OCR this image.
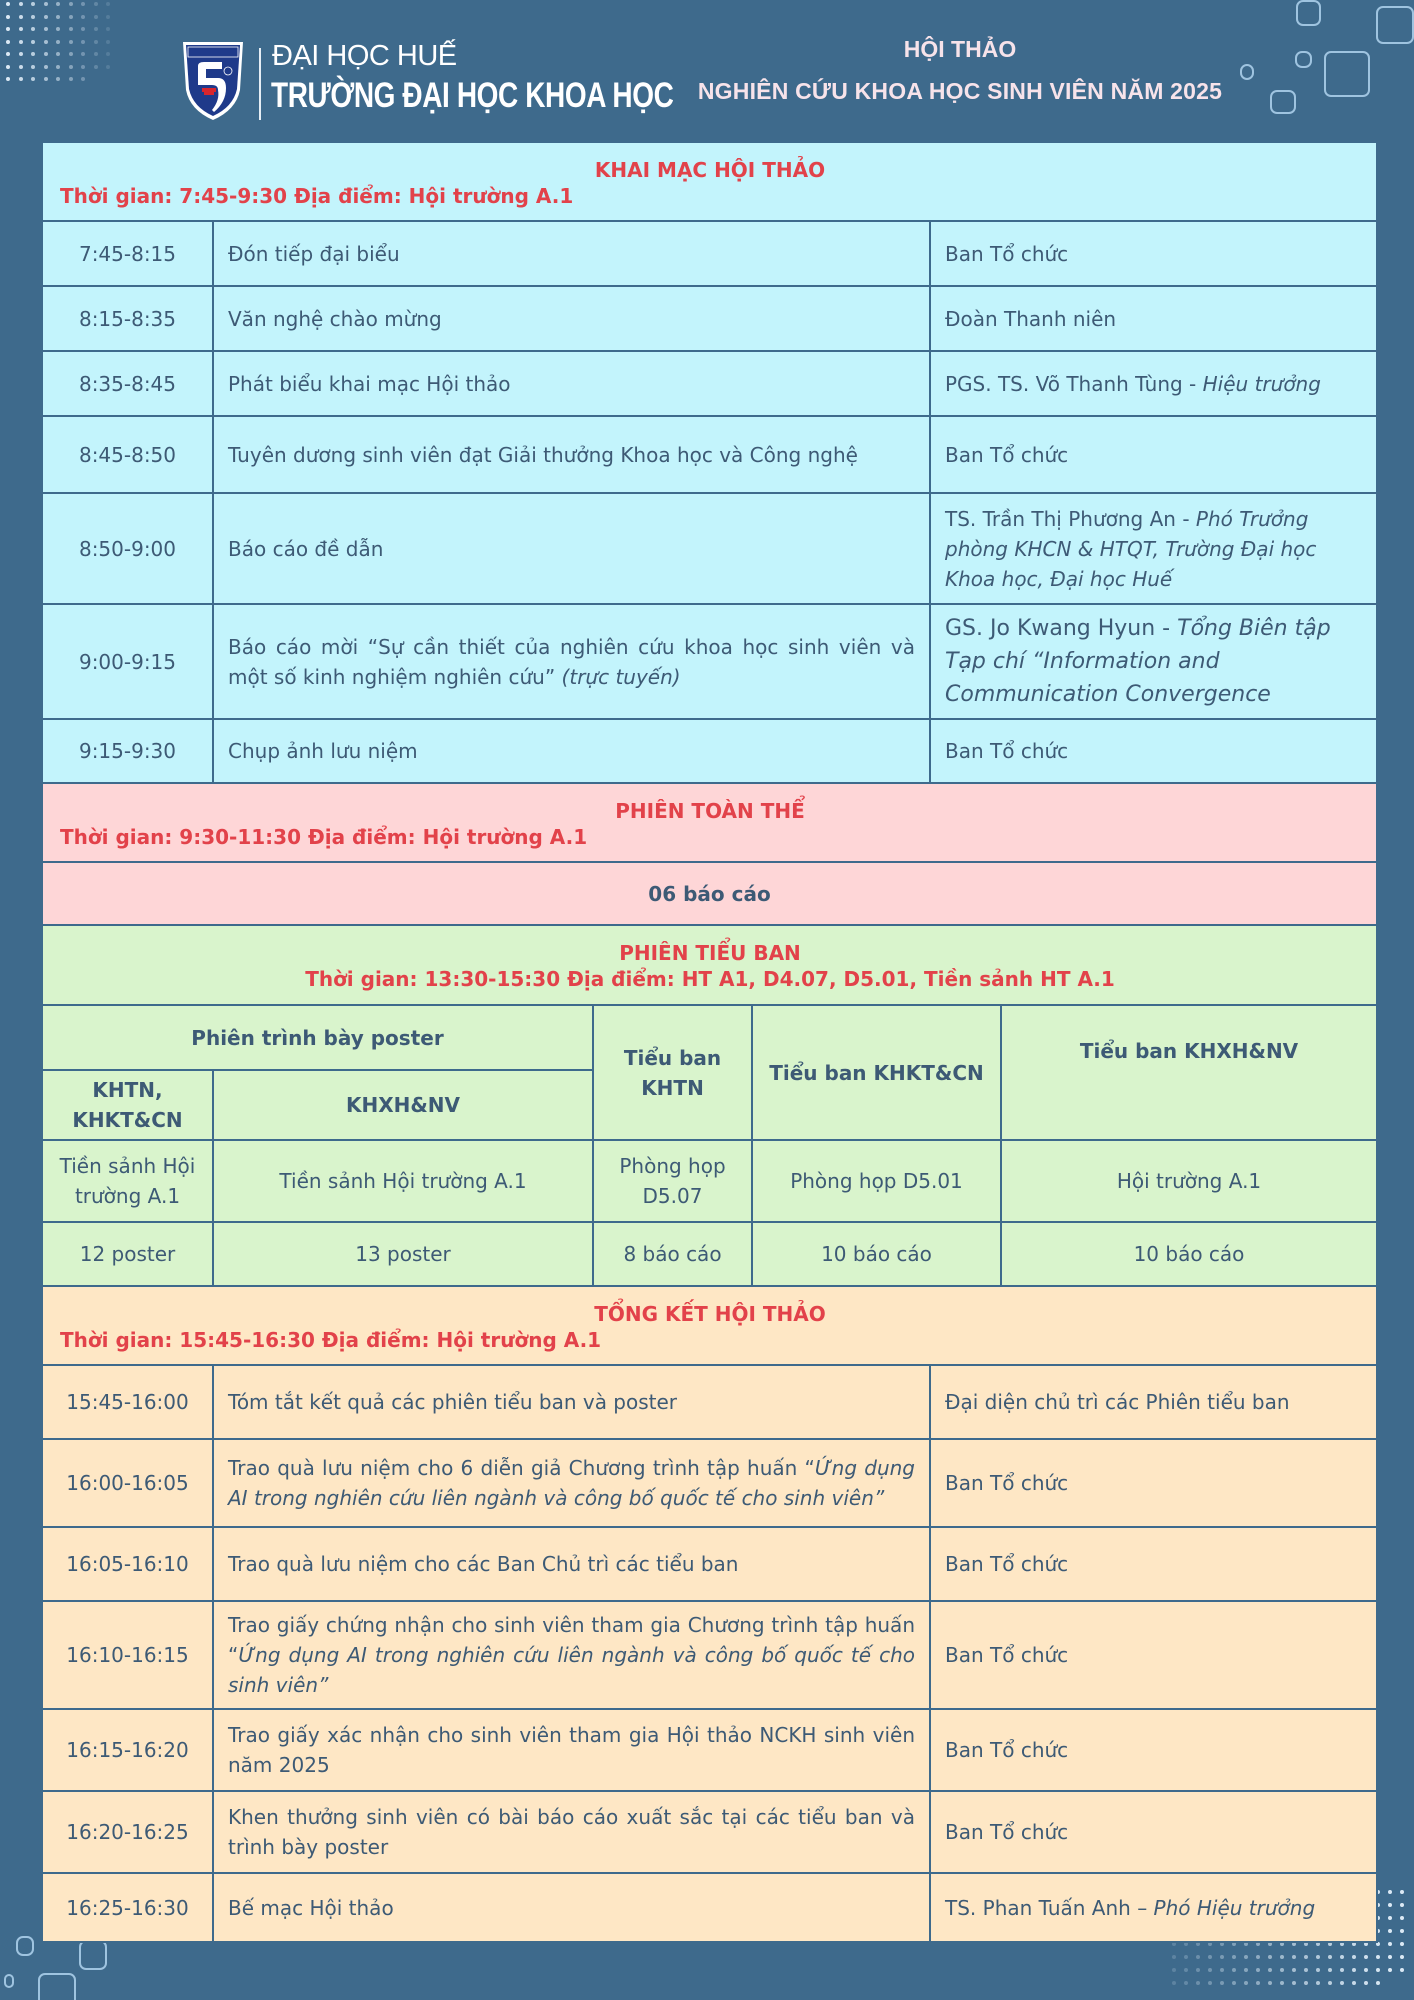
ĐẠI HỌC HUẾ
TRƯỜNG ĐẠI HỌC KHOA HỌC
HỘI THẢO
NGHIÊN CỨU KHOA HỌC SINH VIÊN NĂM 2025
KHAI MẠC HỘI THẢO
Thời gian: 7:45-9:30 Địa điểm: Hội trường A.1					

7:45-8:15	Đón tiếp đại biểu			Ban Tổ chức	
8:15-8:35	Văn nghệ chào mừng			Đoàn Thanh niên	
8:35-8:45	Phát biểu khai mạc Hội thảo			PGS. TS. Võ Thanh Tùng - Hiệu trưởng	
8:45-8:50	Tuyên dương sinh viên đạt Giải thưởng Khoa học và Công nghệ			Ban Tổ chức	
8:50-9:00	Báo cáo đề dẫn			TS. Trần Thị Phương An - Phó Trưởng phòng KHCN & HTQT, Trường Đại học Khoa học, Đại học Huế	
9:00-9:15	Báo cáo mời “Sự cần thiết của nghiên cứu khoa học sinh viên và một số kinh nghiệm nghiên cứu” (trực tuyến)			GS. Jo Kwang Hyun - Tổng Biên tập Tạp chí “Information and Communication Convergence	
9:15-9:30	Chụp ảnh lưu niệm			Ban Tổ chức	

PHIÊN TOÀN THỂ
Thời gian: 9:30-11:30 Địa điểm: Hội trường A.1					

06 báo cáo					

PHIÊN TIỂU BAN
Thời gian: 13:30-15:30 Địa điểm: HT A1, D4.07, D5.01, Tiền sảnh HT A.1					

Phiên trình bày poster		Tiểu ban KHTN	Tiểu ban KHKT&CN		Tiểu ban KHXH&NV
KHTN, KHKT&CN	KHXH&NV				
Tiền sảnh Hội trường A.1	Tiền sảnh Hội trường A.1	Phòng họp D5.07	Phòng họp D5.01		Hội trường A.1
12 poster	13 poster	8 báo cáo	10 báo cáo		10 báo cáo

TỔNG KẾT HỘI THẢO
Thời gian: 15:45-16:30 Địa điểm: Hội trường A.1					

15:45-16:00	Tóm tắt kết quả các phiên tiểu ban và poster			Đại diện chủ trì các Phiên tiểu ban	
16:00-16:05	Trao quà lưu niệm cho 6 diễn giả Chương trình tập huấn “Ứng dụng AI trong nghiên cứu liên ngành và công bố quốc tế cho sinh viên”			Ban Tổ chức	
16:05-16:10	Trao quà lưu niệm cho các Ban Chủ trì các tiểu ban			Ban Tổ chức	
16:10-16:15	Trao giấy chứng nhận cho sinh viên tham gia Chương trình tập huấn “Ứng dụng AI trong nghiên cứu liên ngành và công bố quốc tế cho sinh viên”			Ban Tổ chức	
16:15-16:20	Trao giấy xác nhận cho sinh viên tham gia Hội thảo NCKH sinh viên năm 2025			Ban Tổ chức	
16:20-16:25	Khen thưởng sinh viên có bài báo cáo xuất sắc tại các tiểu ban và trình bày poster			Ban Tổ chức	
16:25-16:30	Bế mạc Hội thảo			TS. Phan Tuấn Anh – Phó Hiệu trưởng	
